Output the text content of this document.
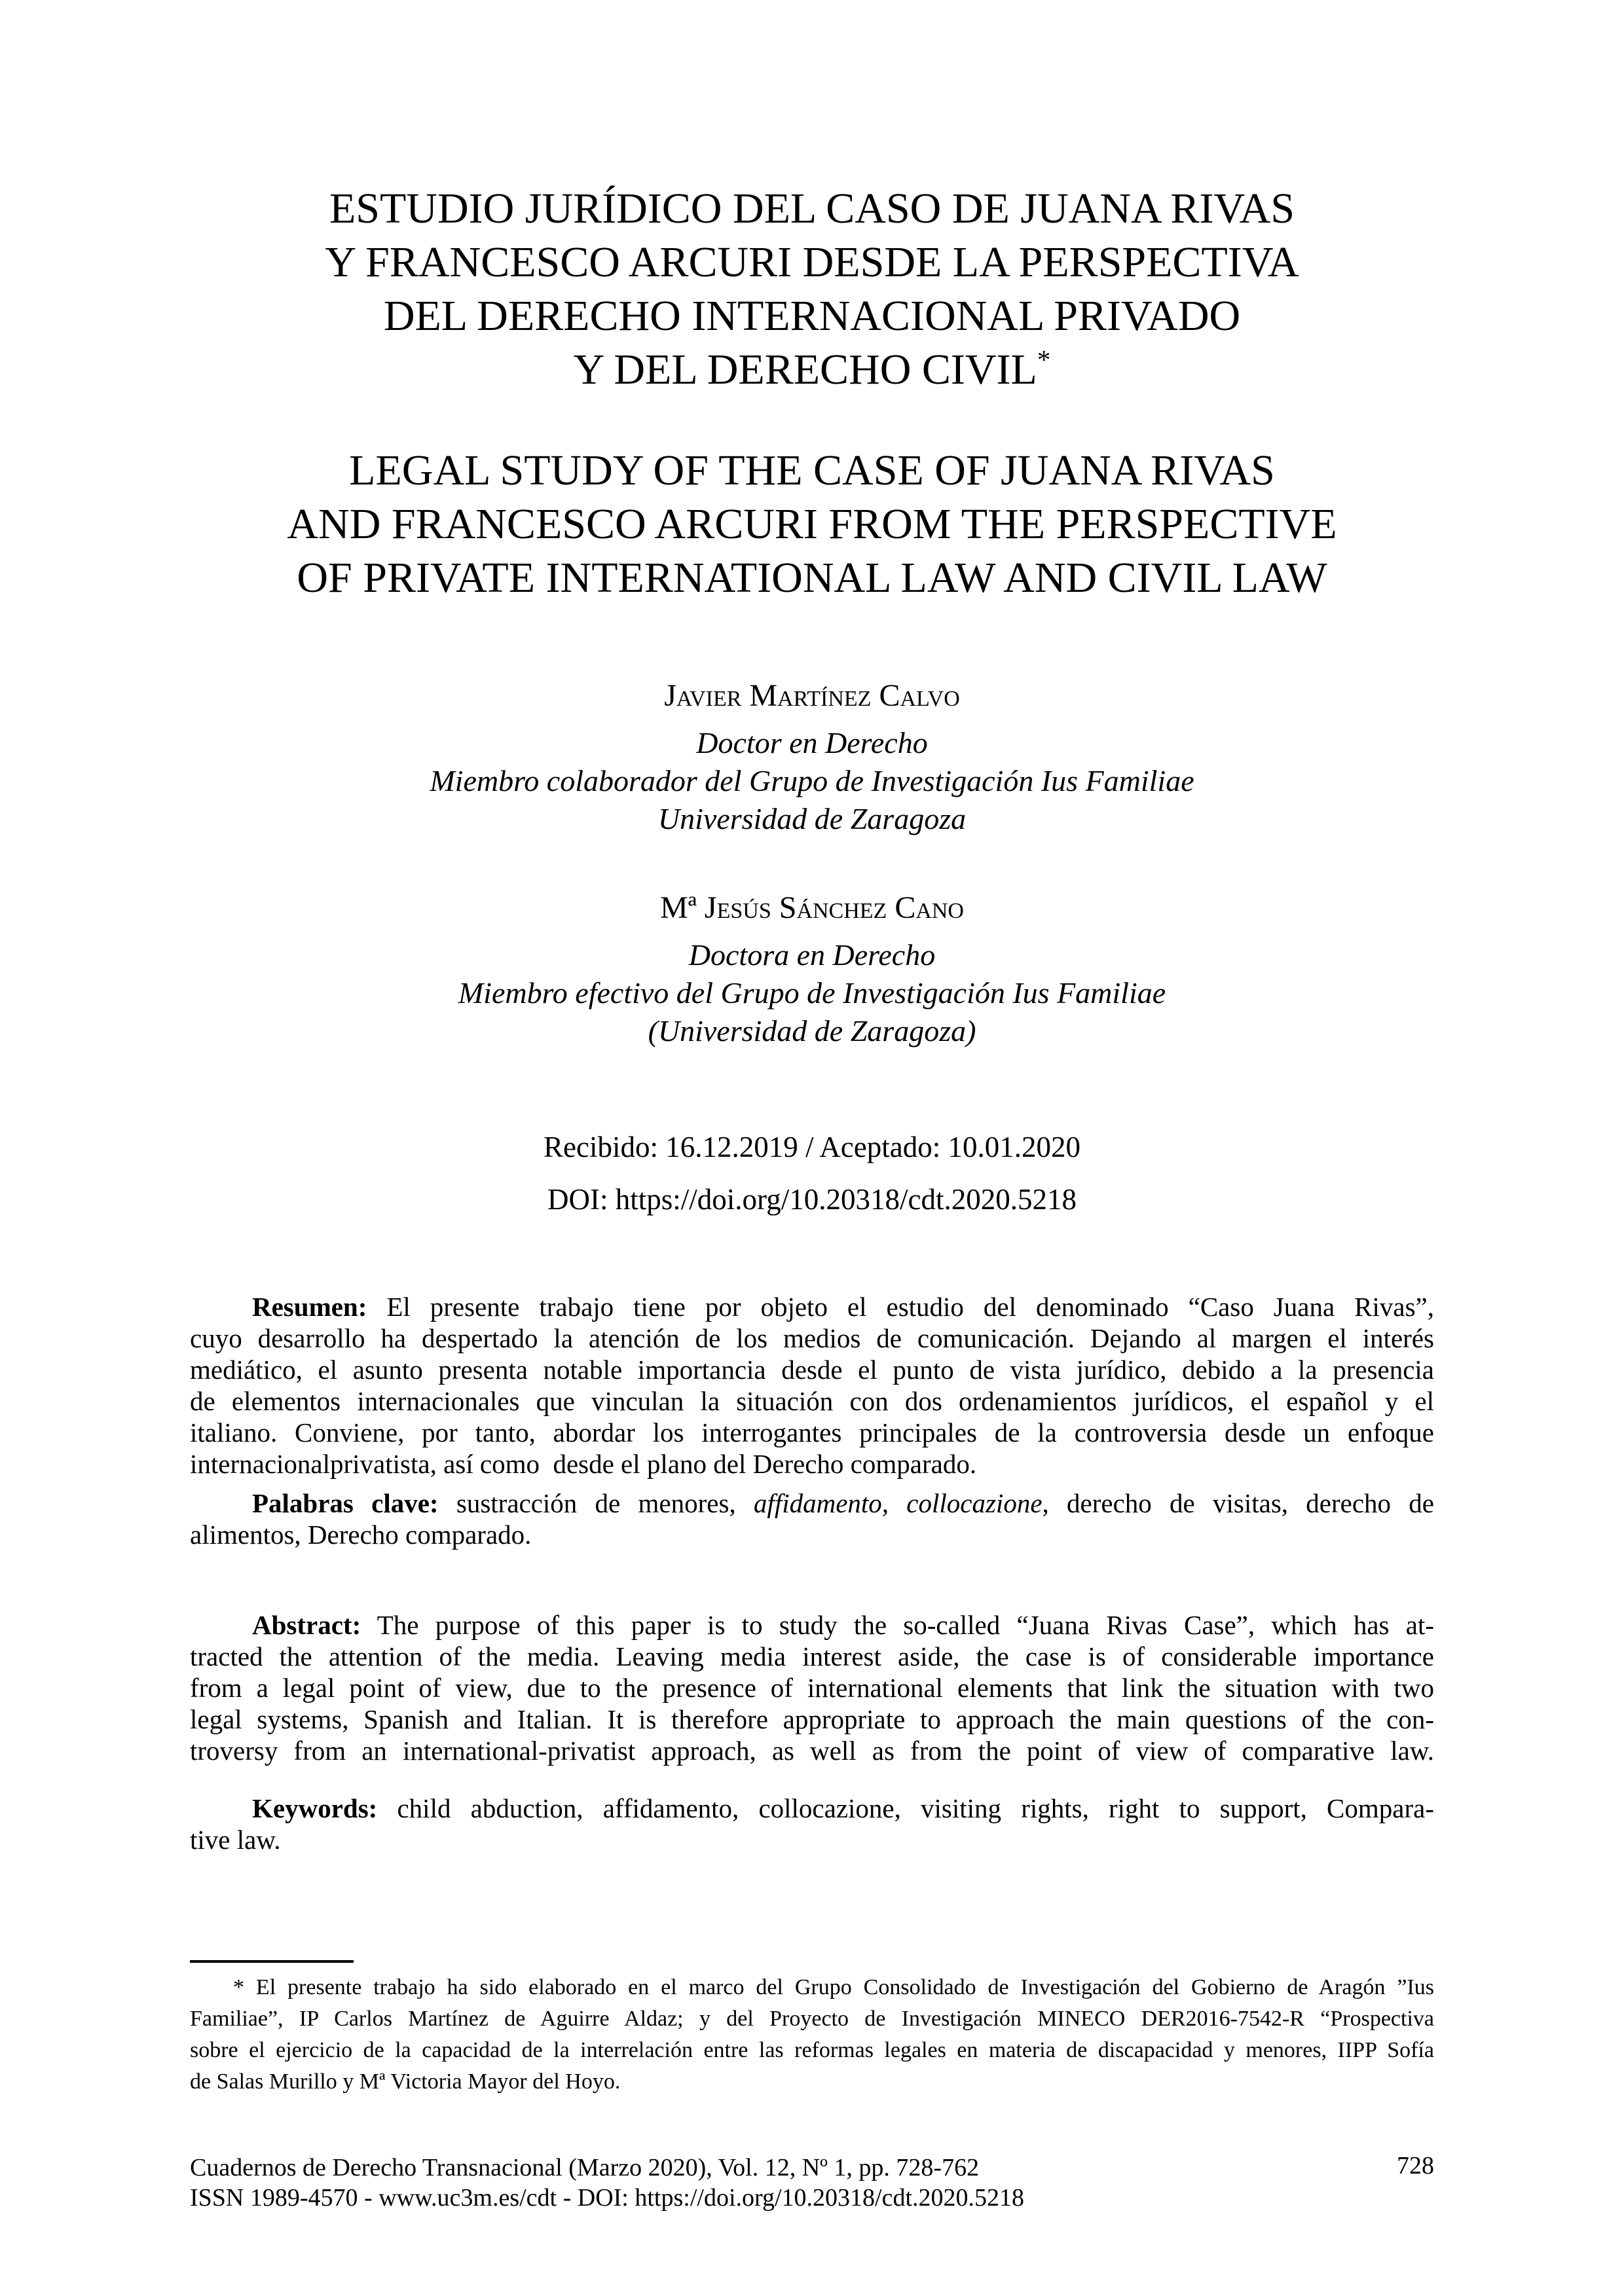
ESTUDIO JURÍDICO DEL CASO DE JUANA RIVAS
Y FRANCESCO ARCURI DESDE LA PERSPECTIVA
DEL DERECHO INTERNACIONAL PRIVADO
Y DEL DERECHO CIVIL*
LEGAL STUDY OF THE CASE OF JUANA RIVAS
AND FRANCESCO ARCURI FROM THE PERSPECTIVE
OF PRIVATE INTERNATIONAL LAW AND CIVIL LAW
Javier Martínez Calvo
Doctor en Derecho
Miembro colaborador del Grupo de Investigación Ius Familiae
Universidad de Zaragoza
Mª Jesús Sánchez Cano
Doctora en Derecho
Miembro efectivo del Grupo de Investigación Ius Familiae
(Universidad de Zaragoza)
Recibido: 16.12.2019 / Aceptado: 10.01.2020
DOI: https://doi.org/10.20318/cdt.2020.5218
Resumen: El presente trabajo tiene por objeto el estudio del denominado “Caso Juana Rivas”,
cuyo desarrollo ha despertado la atención de los medios de comunicación. Dejando al margen el interés
mediático, el asunto presenta notable importancia desde el punto de vista jurídico, debido a la presencia
de elementos internacionales que vinculan la situación con dos ordenamientos jurídicos, el español y el
italiano. Conviene, por tanto, abordar los interrogantes principales de la controversia desde un enfoque
internacionalprivatista, así como  desde el plano del Derecho comparado.
Palabras clave: sustracción de menores, affidamento, collocazione, derecho de visitas, derecho de
alimentos, Derecho comparado.
Abstract: The purpose of this paper is to study the so-called “Juana Rivas Case”, which has at-
tracted the attention of the media. Leaving media interest aside, the case is of considerable importance
from a legal point of view, due to the presence of international elements that link the situation with two
legal systems, Spanish and Italian. It is therefore appropriate to approach the main questions of the con-
troversy from an international-privatist approach, as well as from the point of view of comparative law.
Keywords: child abduction, affidamento, collocazione, visiting rights, right to support, Compara-
tive law.
* El presente trabajo ha sido elaborado en el marco del Grupo Consolidado de Investigación del Gobierno de Aragón ”Ius
Familiae”, IP Carlos Martínez de Aguirre Aldaz; y del Proyecto de Investigación MINECO DER2016-7542-R “Prospectiva
sobre el ejercicio de la capacidad de la interrelación entre las reformas legales en materia de discapacidad y menores, IIPP Sofía
de Salas Murillo y Mª Victoria Mayor del Hoyo.
Cuadernos de Derecho Transnacional (Marzo 2020), Vol. 12, Nº 1, pp. 728-762
ISSN 1989-4570 - www.uc3m.es/cdt - DOI: https://doi.org/10.20318/cdt.2020.5218
728
